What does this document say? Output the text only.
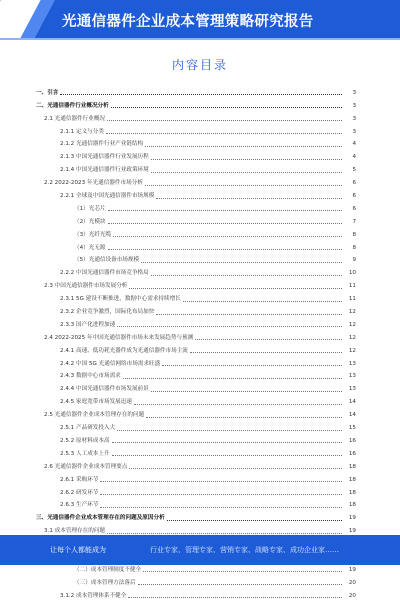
光通信器件企业成本管理策略研究报告
内容目录
一、引言	3
二、光通信器件行业概况分析	3
2.1 光通信器件行业概况	3
2.1.1 定义与分类	3
2.1.2 光通信器件行业产业链结构	4
2.1.3 中国光通信器件行业发展历程	4
2.1.4 中国光通信器件行业政策环境	5
2.2 2022-2023 年光通信器件市场分析	6
2.2.1 全球及中国光通信器件市场规模	6
（1）光芯片	6
（2）光模块	7
（3）光纤光缆	8
（4）光无源	8
（5）光通信设备市场规模	9
2.2.2 中国光通信器件市场竞争格局	10
2.3 中国光通信器件市场发展分析	11
2.3.1 5G 建设不断推进，数据中心需求持续增长	11
2.3.2 企业竞争激烈，国际化布局加快	12
2.3.3 国产化进程加速	12
2.4 2022-2025 年中国光通信器件市场未来发展趋势与预测	12
2.4.1 高速、低功耗光器件成为光通信器件市场主流	12
2.4.2 中国 5G 光通信网络市场需求旺盛	13
2.4.3 数据中心市场需求	13
2.4.4 中国光通信器件市场发展前景	13
2.4.5 家庭宽带市场发展迅速	14
2.5 光通信器件企业成本管理存在的问题	14
2.5.1 产品研发投入大	15
2.5.2 原材料成本高	16
2.5.3 人工成本上升	16
2.6 光通信器件企业成本管理要点	18
2.6.1 采购环节	18
2.6.2 研发环节	18
2.6.3 生产环节	18
三、光通信器件企业成本管理存在的问题及原因分析	19
3.1 成本管理存在的问题	19
（二）成本管理制度不健全	19
（三）成本管理方法落后	20
3.1.2 成本管理体系不健全	20
让每个人都能成为	行业专家、管理专家、营销专家、战略专家、成功企业家……
